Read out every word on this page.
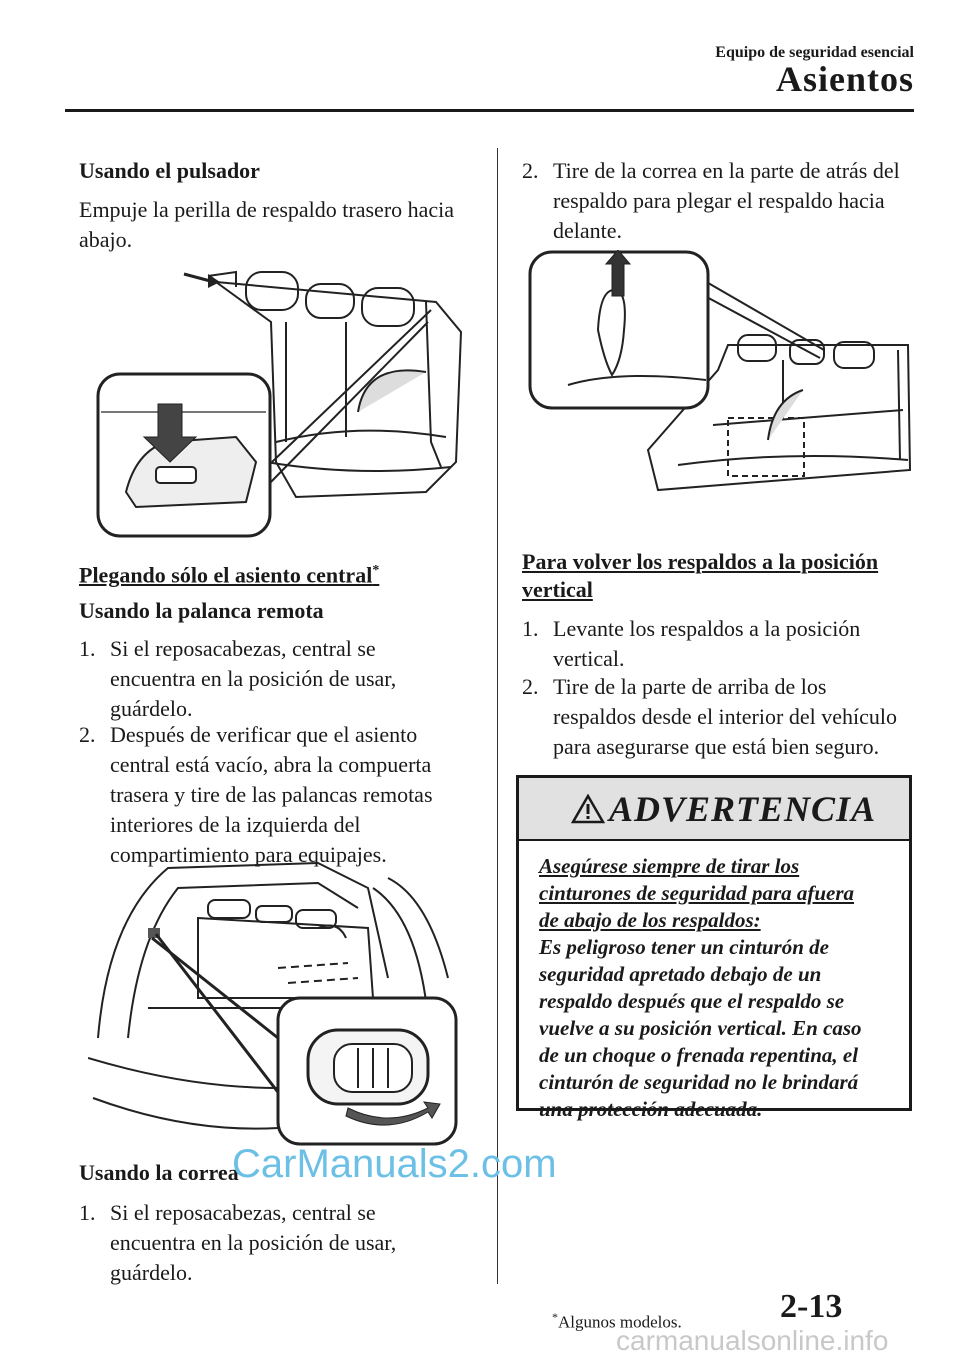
Equipo de seguridad esencial
Asientos
Usando el pulsador
Empuje la perilla de respaldo trasero hacia
abajo.
Plegando sólo el asiento central*
Usando la palanca remota
1. Si el reposacabezas, central se
encuentra en la posición de usar,
guárdelo.
2. Después de verificar que el asiento
central está vacío, abra la compuerta
trasera y tire de las palancas remotas
interiores de la izquierda del
compartimiento para equipajes.
Usando la correa
1. Si el reposacabezas, central se
encuentra en la posición de usar,
guárdelo.
2. Tire de la correa en la parte de atrás del
respaldo para plegar el respaldo hacia
delante.
Para volver los respaldos a la posición
vertical
1. Levante los respaldos a la posición
vertical.
2. Tire de la parte de arriba de los
respaldos desde el interior del vehículo
para asegurarse que está bien seguro.
ADVERTENCIA
Asegúrese siempre de tirar los
cinturones de seguridad para afuera
de abajo de los respaldos:
Es peligroso tener un cinturón de
seguridad apretado debajo de un
respaldo después que el respaldo se
vuelve a su posición vertical. En caso
de un choque o frenada repentina, el
cinturón de seguridad no le brindará
una protección adecuada.
*Algunos modelos.	2-13
CarManuals2.com
carmanualsonline.info
